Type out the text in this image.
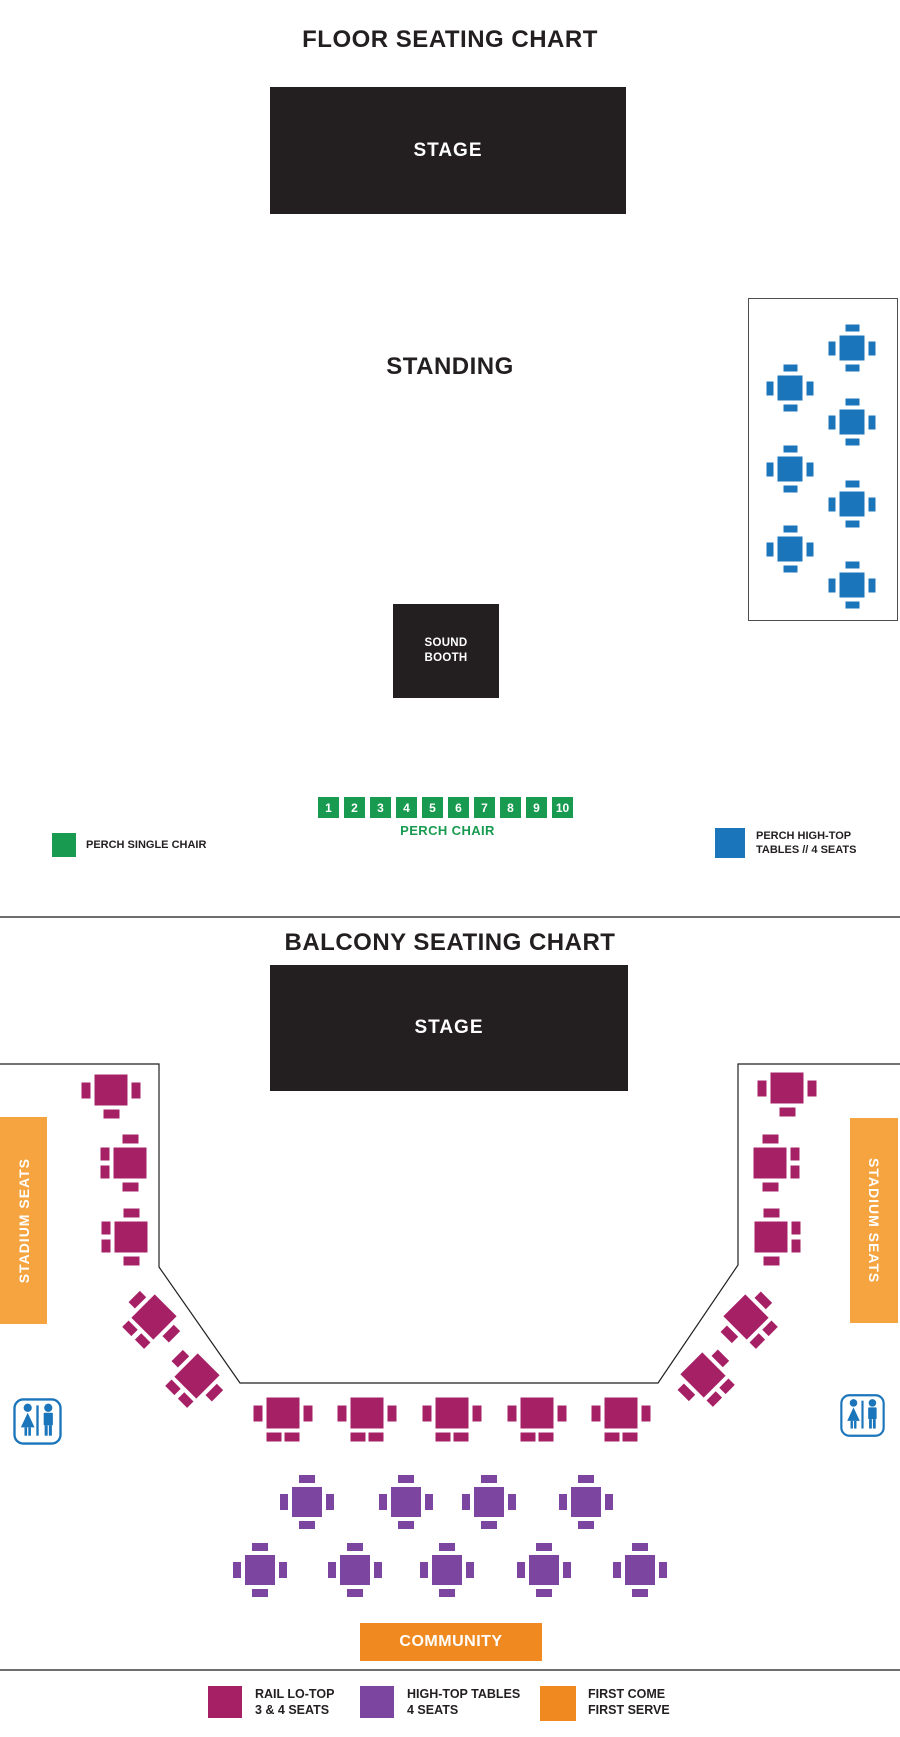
FLOOR SEATING CHART
STAGE
STANDING
SOUND
BOOTH
1	2	3	4	5	6	7	8	9	10
PERCH CHAIR
PERCH SINGLE CHAIR
PERCH HIGH-TOP
TABLES // 4 SEATS
BALCONY SEATING CHART
STAGE
STADIUM SEATS	STADIUM SEATS
COMMUNITY
RAIL LO-TOP
3 & 4 SEATS
HIGH-TOP TABLES
4 SEATS
FIRST COME
FIRST SERVE
